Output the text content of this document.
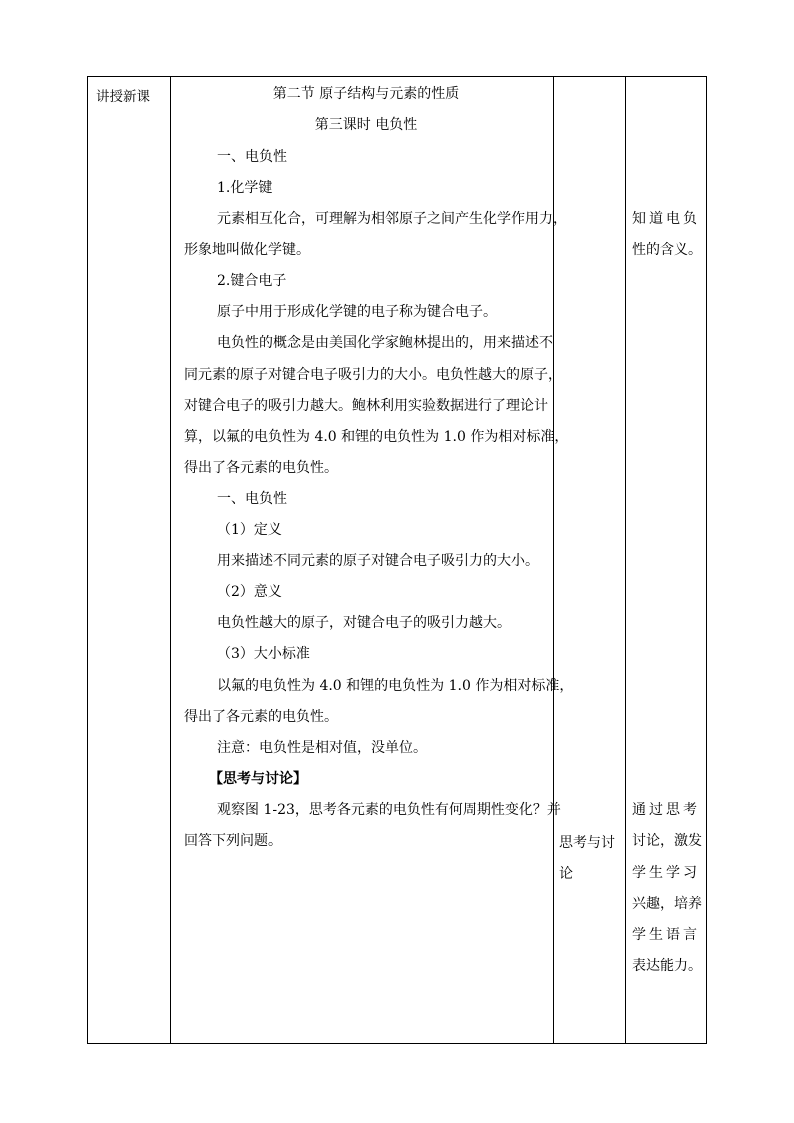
讲授新课	第二节 原子结构与元素的性质
第三课时 电负性
一、电负性
1.化学键
元素相互化合，可理解为相邻原子之间产生化学作用力，
形象地叫做化学键。
2.键合电子
原子中用于形成化学键的电子称为键合电子。
电负性的概念是由美国化学家鲍林提出的，用来描述不
同元素的原子对键合电子吸引力的大小。电负性越大的原子，
对键合电子的吸引力越大。鲍林利用实验数据进行了理论计
算，以氟的电负性为 4.0 和锂的电负性为 1.0 作为相对标准，
得出了各元素的电负性。
一、电负性
（1）定义
用来描述不同元素的原子对键合电子吸引力的大小。
（2）意义
电负性越大的原子，对键合电子的吸引力越大。
（3）大小标准
以氟的电负性为 4.0 和锂的电负性为 1.0 作为相对标准，
得出了各元素的电负性。
注意：电负性是相对值，没单位。
【思考与讨论】
观察图 1-23，思考各元素的电负性有何周期性变化？并
回答下列问题。	思考与讨
论
知道电负
性的含义。
通过思考
讨论，激发
学生学习
兴趣，培养
学生语言
表达能力。
